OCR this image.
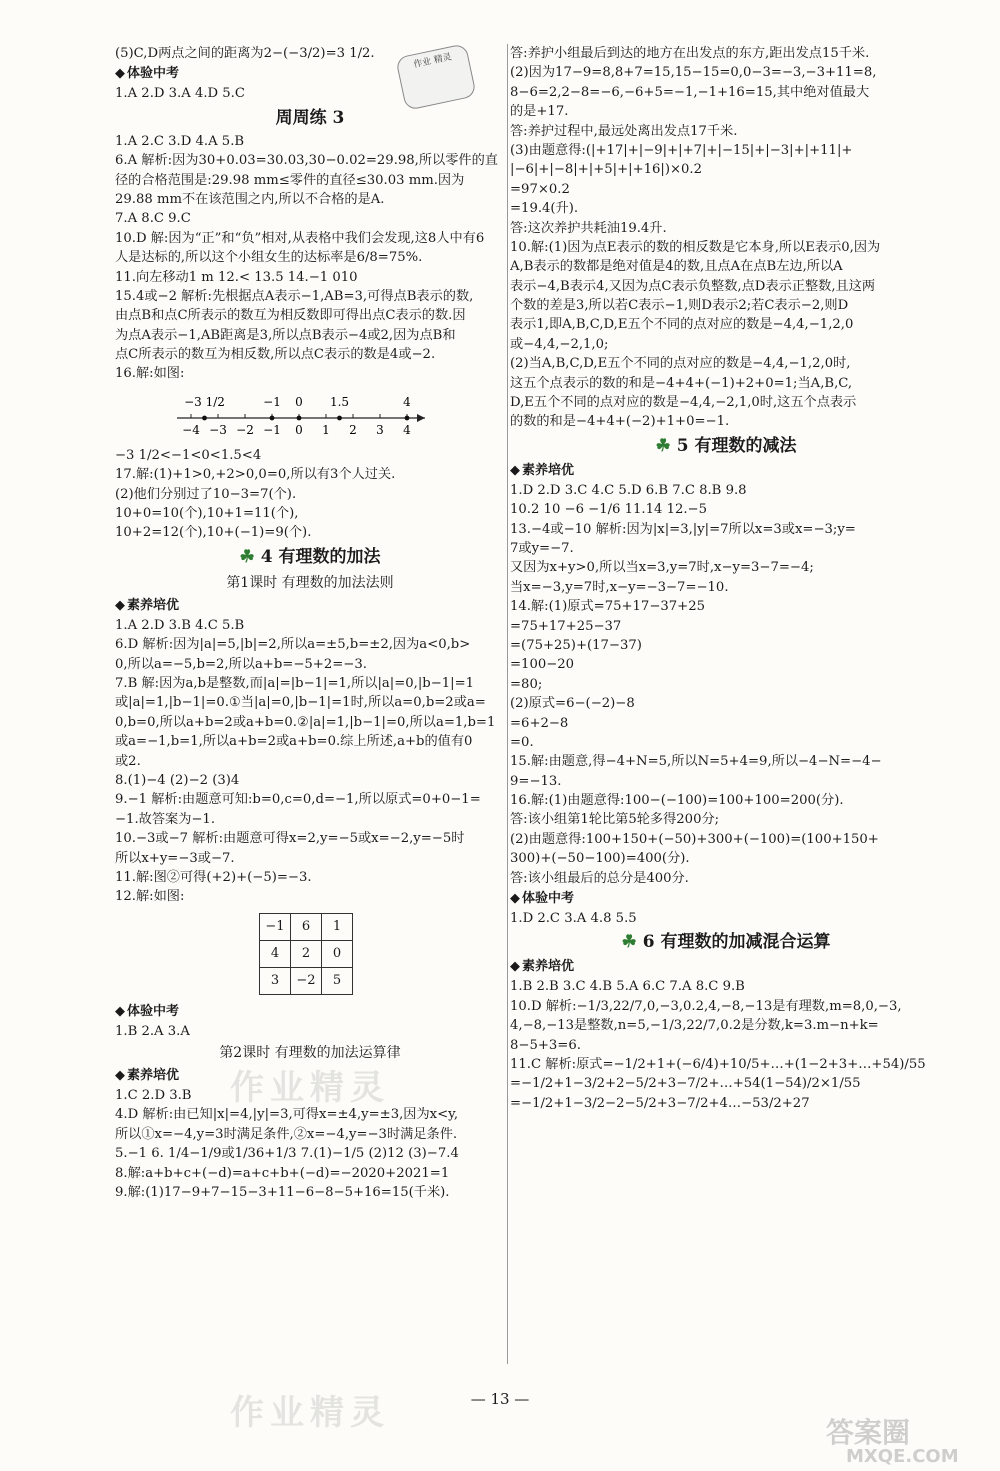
(5)C,D两点之间的距离为2−(−3/2)=3 1/2.
◆ 体验中考
1.A 2.D 3.A 4.D 5.C
周周练 3
1.A 2.C 3.D 4.A 5.B
6.A 解析:因为30+0.03=30.03,30−0.02=29.98,所以零件的直
径的合格范围是:29.98 mm≤零件的直径≤30.03 mm.因为
29.88 mm不在该范围之内,所以不合格的是A.
7.A 8.C 9.C
10.D 解:因为“正”和“负”相对,从表格中我们会发现,这8人中有6
人是达标的,所以这个小组女生的达标率是6/8=75%.
11.向左移动1 m 12.< 13.5 14.−1 010
15.4或−2 解析:先根据点A表示−1,AB=3,可得点B表示的数,
由点B和点C所表示的数互为相反数即可得出点C表示的数.因
为点A表示−1,AB距离是3,所以点B表示−4或2,因为点B和
点C所表示的数互为相反数,所以点C表示的数是4或−2.
16.解:如图:
−4 −3 −2 −1 0 1 2 3 4
−3 1/2	−1 0 1.5	4
−3 1/2<−1<0<1.5<4
17.解:(1)+1>0,+2>0,0=0,所以有3个人过关.
(2)他们分别过了10−3=7(个).
10+0=10(个),10+1=11(个),
10+2=12(个),10+(−1)=9(个).
☘ 4 有理数的加法
第1课时 有理数的加法法则
◆ 素养培优
1.A 2.D 3.B 4.C 5.B
6.D 解析:因为|a|=5,|b|=2,所以a=±5,b=±2,因为a<0,b>
0,所以a=−5,b=2,所以a+b=−5+2=−3.
7.B 解:因为a,b是整数,而|a|=|b−1|=1,所以|a|=0,|b−1|=1
或|a|=1,|b−1|=0.①当|a|=0,|b−1|=1时,所以a=0,b=2或a=
0,b=0,所以a+b=2或a+b=0.②|a|=1,|b−1|=0,所以a=1,b=1
或a=−1,b=1,所以a+b=2或a+b=0.综上所述,a+b的值有0
或2.
8.(1)−4 (2)−2 (3)4
9.−1 解析:由题意可知:b=0,c=0,d=−1,所以原式=0+0−1=
−1.故答案为−1.
10.−3或−7 解析:由题意可得x=2,y=−5或x=−2,y=−5时
所以x+y=−3或−7.
11.解:图②可得(+2)+(−5)=−3.
12.解:如图:
−1	6	1
4	2	0
3	−2	5
◆ 体验中考
1.B 2.A 3.A
第2课时 有理数的加法运算律
◆ 素养培优
1.C 2.D 3.B
4.D 解析:由已知|x|=4,|y|=3,可得x=±4,y=±3,因为x<y,
所以①x=−4,y=3时满足条件,②x=−4,y=−3时满足条件.
5.−1 6. 1/4−1/9或1/36+1/3 7.(1)−1/5 (2)12 (3)−7.4
8.解:a+b+c+(−d)=a+c+b+(−d)=−2020+2021=1
9.解:(1)17−9+7−15−3+11−6−8−5+16=15(千米).
答:养护小组最后到达的地方在出发点的东方,距出发点15千米.
(2)因为17−9=8,8+7=15,15−15=0,0−3=−3,−3+11=8,
8−6=2,2−8=−6,−6+5=−1,−1+16=15,其中绝对值最大
的是+17.
答:养护过程中,最远处离出发点17千米.
(3)由题意得:(|+17|+|−9|+|+7|+|−15|+|−3|+|+11|+
|−6|+|−8|+|+5|+|+16|)×0.2
=97×0.2
=19.4(升).
答:这次养护共耗油19.4升.
10.解:(1)因为点E表示的数的相反数是它本身,所以E表示0,因为
A,B表示的数都是绝对值是4的数,且点A在点B左边,所以A
表示−4,B表示4,又因为点C表示负整数,点D表示正整数,且这两
个数的差是3,所以若C表示−1,则D表示2;若C表示−2,则D
表示1,即A,B,C,D,E五个不同的点对应的数是−4,4,−1,2,0
或−4,4,−2,1,0;
(2)当A,B,C,D,E五个不同的点对应的数是−4,4,−1,2,0时,
这五个点表示的数的和是−4+4+(−1)+2+0=1;当A,B,C,
D,E五个不同的点对应的数是−4,4,−2,1,0时,这五个点表示
的数的和是−4+4+(−2)+1+0=−1.
☘ 5 有理数的减法
◆ 素养培优
1.D 2.D 3.C 4.C 5.D 6.B 7.C 8.B 9.8
10.2 10 −6 −1/6 11.14 12.−5
13.−4或−10 解析:因为|x|=3,|y|=7所以x=3或x=−3;y=
7或y=−7.
又因为x+y>0,所以当x=3,y=7时,x−y=3−7=−4;
当x=−3,y=7时,x−y=−3−7=−10.
14.解:(1)原式=75+17−37+25
=75+17+25−37
=(75+25)+(17−37)
=100−20
=80;
(2)原式=6−(−2)−8
=6+2−8
=0.
15.解:由题意,得−4+N=5,所以N=5+4=9,所以−4−N=−4−
9=−13.
16.解:(1)由题意得:100−(−100)=100+100=200(分).
答:该小组第1轮比第5轮多得200分;
(2)由题意得:100+150+(−50)+300+(−100)=(100+150+
300)+(−50−100)=400(分).
答:该小组最后的总分是400分.
◆ 体验中考
1.D 2.C 3.A 4.8 5.5
☘ 6 有理数的加减混合运算
◆ 素养培优
1.B 2.B 3.C 4.B 5.A 6.C 7.A 8.C 9.B
10.D 解析:−1/3,22/7,0,−3,0.2,4,−8,−13是有理数,m=8,0,−3,
4,−8,−13是整数,n=5,−1/3,22/7,0.2是分数,k=3.m−n+k=
8−5+3=6.
11.C 解析:原式=−1/2+1+(−6/4)+10/5+…+(1−2+3+…+54)/55
=−1/2+1−3/2+2−5/2+3−7/2+…+54(1−54)/2×1/55
=−1/2+1−3/2−2−5/2+3−7/2+4…−53/2+27
作业 精灵
作业精灵
作业精灵	— 13 —
答案圈
MXQE.COM
